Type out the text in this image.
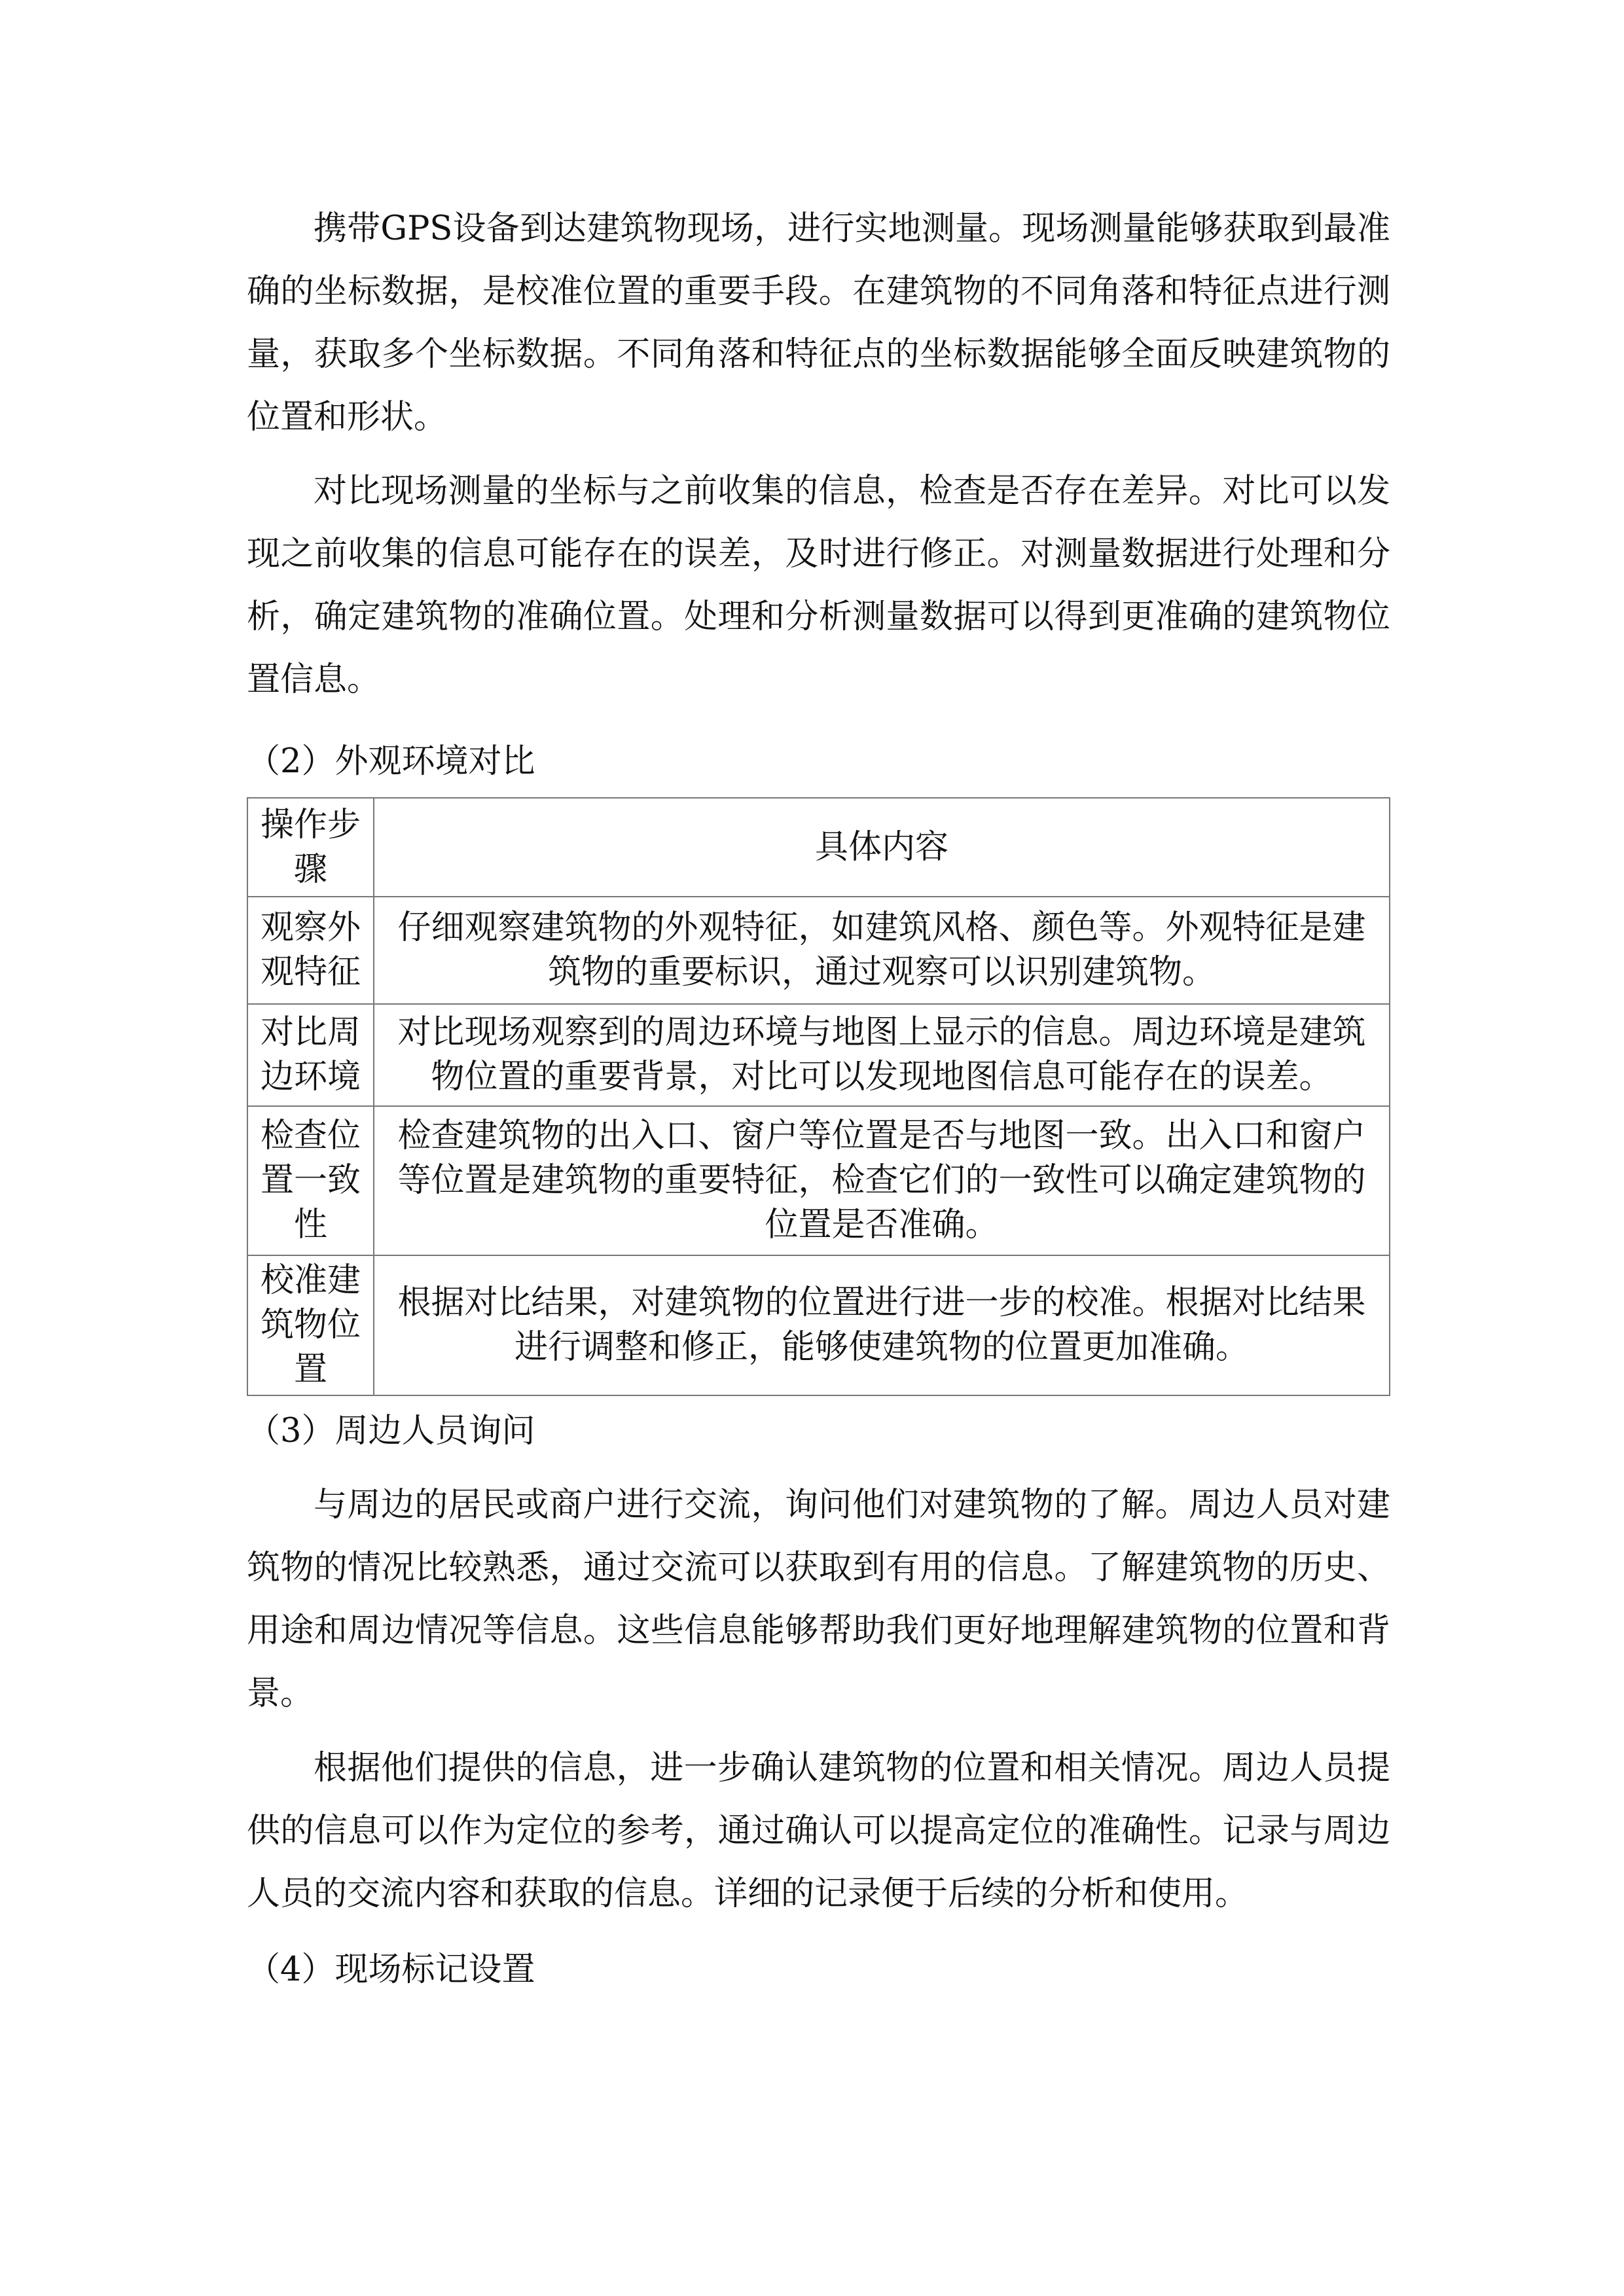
携带GPS设备到达建筑物现场，进行实地测量。现场测量能够获取到最准确的坐标数据，是校准位置的重要手段。在建筑物的不同角落和特征点进行测量，获取多个坐标数据。不同角落和特征点的坐标数据能够全面反映建筑物的位置和形状。

对比现场测量的坐标与之前收集的信息，检查是否存在差异。对比可以发现之前收集的信息可能存在的误差，及时进行修正。对测量数据进行处理和分析，确定建筑物的准确位置。处理和分析测量数据可以得到更准确的建筑物位置信息。

（2）外观环境对比

操作步骤	具体内容
观察外观特征	仔细观察建筑物的外观特征，如建筑风格、颜色等。外观特征是建筑物的重要标识，通过观察可以识别建筑物。
对比周边环境	对比现场观察到的周边环境与地图上显示的信息。周边环境是建筑物位置的重要背景，对比可以发现地图信息可能存在的误差。
检查位置一致性	检查建筑物的出入口、窗户等位置是否与地图一致。出入口和窗户等位置是建筑物的重要特征，检查它们的一致性可以确定建筑物的位置是否准确。
校准建筑物位置	根据对比结果，对建筑物的位置进行进一步的校准。根据对比结果进行调整和修正，能够使建筑物的位置更加准确。

（3）周边人员询问

与周边的居民或商户进行交流，询问他们对建筑物的了解。周边人员对建筑物的情况比较熟悉，通过交流可以获取到有用的信息。了解建筑物的历史、用途和周边情况等信息。这些信息能够帮助我们更好地理解建筑物的位置和背景。

根据他们提供的信息，进一步确认建筑物的位置和相关情况。周边人员提供的信息可以作为定位的参考，通过确认可以提高定位的准确性。记录与周边人员的交流内容和获取的信息。详细的记录便于后续的分析和使用。

（4）现场标记设置
